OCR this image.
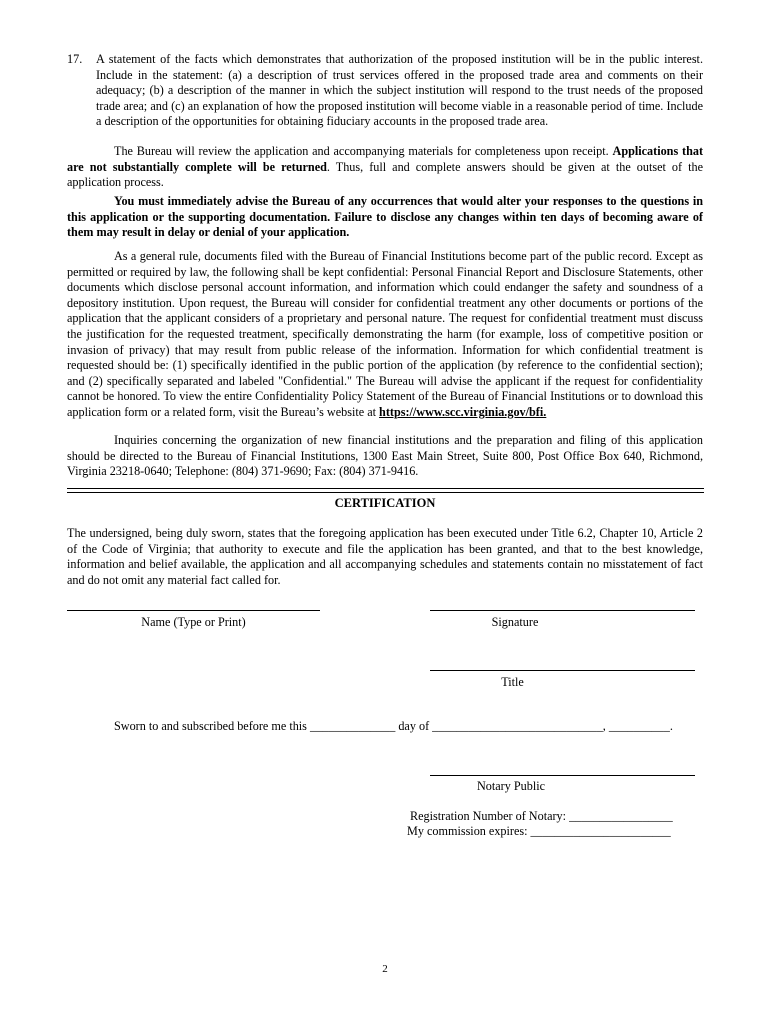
17. A statement of the facts which demonstrates that authorization of the proposed institution will be in the public interest. Include in the statement: (a) a description of trust services offered in the proposed trade area and comments on their adequacy; (b) a description of the manner in which the subject institution will respond to the trust needs of the proposed trade area; and (c) an explanation of how the proposed institution will become viable in a reasonable period of time. Include a description of the opportunities for obtaining fiduciary accounts in the proposed trade area.
The Bureau will review the application and accompanying materials for completeness upon receipt. Applications that are not substantially complete will be returned. Thus, full and complete answers should be given at the outset of the application process.
You must immediately advise the Bureau of any occurrences that would alter your responses to the questions in this application or the supporting documentation. Failure to disclose any changes within ten days of becoming aware of them may result in delay or denial of your application.
As a general rule, documents filed with the Bureau of Financial Institutions become part of the public record. Except as permitted or required by law, the following shall be kept confidential: Personal Financial Report and Disclosure Statements, other documents which disclose personal account information, and information which could endanger the safety and soundness of a depository institution. Upon request, the Bureau will consider for confidential treatment any other documents or portions of the application that the applicant considers of a proprietary and personal nature. The request for confidential treatment must discuss the justification for the requested treatment, specifically demonstrating the harm (for example, loss of competitive position or invasion of privacy) that may result from public release of the information. Information for which confidential treatment is requested should be: (1) specifically identified in the public portion of the application (by reference to the confidential section); and (2) specifically separated and labeled "Confidential." The Bureau will advise the applicant if the request for confidentiality cannot be honored. To view the entire Confidentiality Policy Statement of the Bureau of Financial Institutions or to download this application form or a related form, visit the Bureau’s website at https://www.scc.virginia.gov/bfi.
Inquiries concerning the organization of new financial institutions and the preparation and filing of this application should be directed to the Bureau of Financial Institutions, 1300 East Main Street, Suite 800, Post Office Box 640, Richmond, Virginia 23218-0640; Telephone: (804) 371-9690; Fax: (804) 371-9416.
CERTIFICATION
The undersigned, being duly sworn, states that the foregoing application has been executed under Title 6.2, Chapter 10, Article 2 of the Code of Virginia; that authority to execute and file the application has been granted, and that to the best knowledge, information and belief available, the application and all accompanying schedules and statements contain no misstatement of fact and do not omit any material fact called for.
Name (Type or Print)	Signature
Title
Sworn to and subscribed before me this ______________ day of ____________________________, __________.
Notary Public
Registration Number of Notary: _________________
My commission expires: _______________________
2
